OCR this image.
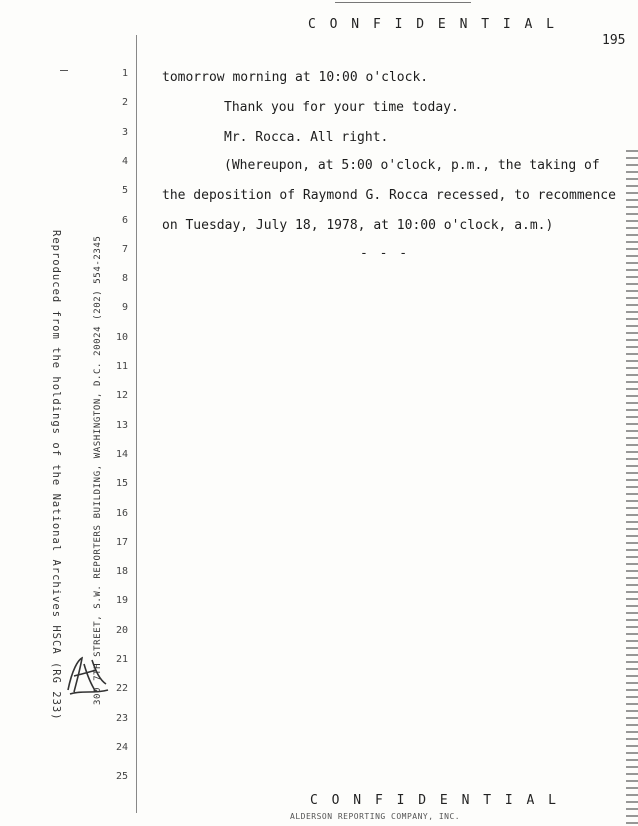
C O N F I D E N T I A L
195
Reproduced from the holdings of the National Archives HSCA (RG 233)	300 7TH STREET, S.W. REPORTERS BUILDING, WASHINGTON, D.C. 20024 (202) 554-2345
1
2
3
4
5
6
7
8
9
10
11
12
13
14
15
16
17
18
19
20
21
22
23
24
25
tomorrow morning at 10:00 o'clock.
Thank you for your time today.
Mr. Rocca. All right.
(Whereupon, at 5:00 o'clock, p.m., the taking of
the deposition of Raymond G. Rocca recessed, to recommence
on Tuesday, July 18, 1978, at 10:00 o'clock, a.m.)
- - -
C O N F I D E N T I A L
ALDERSON REPORTING COMPANY, INC.
